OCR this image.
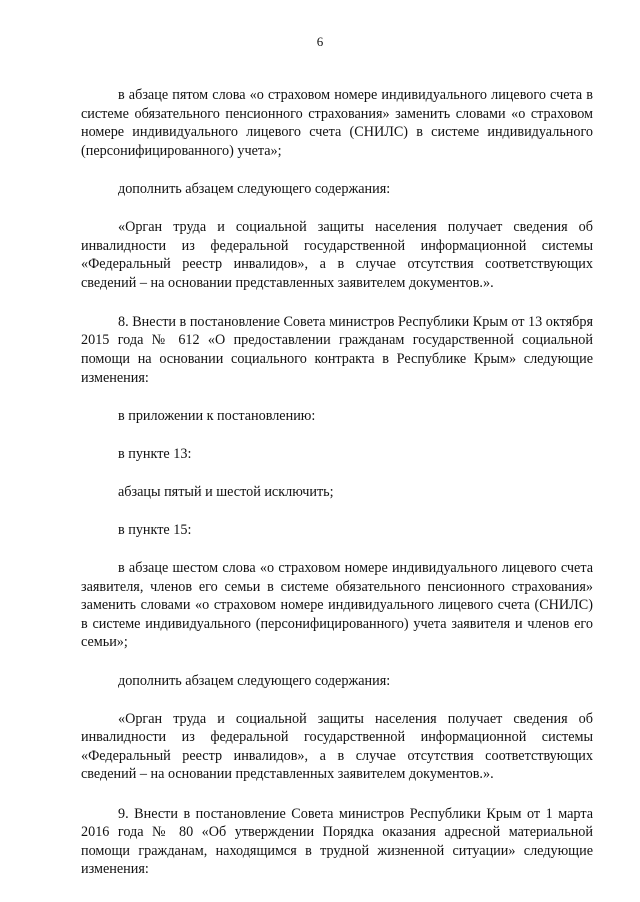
6

в абзаце пятом слова «о страховом номере индивидуального лицевого счета в системе обязательного пенсионного страхования» заменить словами «о страховом номере индивидуального лицевого счета (СНИЛС) в системе индивидуального (персонифицированного) учета»;

дополнить абзацем следующего содержания:

«Орган труда и социальной защиты населения получает сведения об инвалидности из федеральной государственной информационной системы «Федеральный реестр инвалидов», а в случае отсутствия соответствующих сведений – на основании представленных заявителем документов.».

8. Внести в постановление Совета министров Республики Крым от 13 октября 2015 года № 612 «О предоставлении гражданам государственной социальной помощи на основании социального контракта в Республике Крым» следующие изменения:

в приложении к постановлению:

в пункте 13:

абзацы пятый и шестой исключить;

в пункте 15:

в абзаце шестом слова «о страховом номере индивидуального лицевого счета заявителя, членов его семьи в системе обязательного пенсионного страхования» заменить словами «о страховом номере индивидуального лицевого счета (СНИЛС) в системе индивидуального (персонифицированного) учета заявителя и членов его семьи»;

дополнить абзацем следующего содержания:

«Орган труда и социальной защиты населения получает сведения об инвалидности из федеральной государственной информационной системы «Федеральный реестр инвалидов», а в случае отсутствия соответствующих сведений – на основании представленных заявителем документов.».

9. Внести в постановление Совета министров Республики Крым от 1 марта 2016 года № 80 «Об утверждении Порядка оказания адресной материальной помощи гражданам, находящимся в трудной жизненной ситуации» следующие изменения:
